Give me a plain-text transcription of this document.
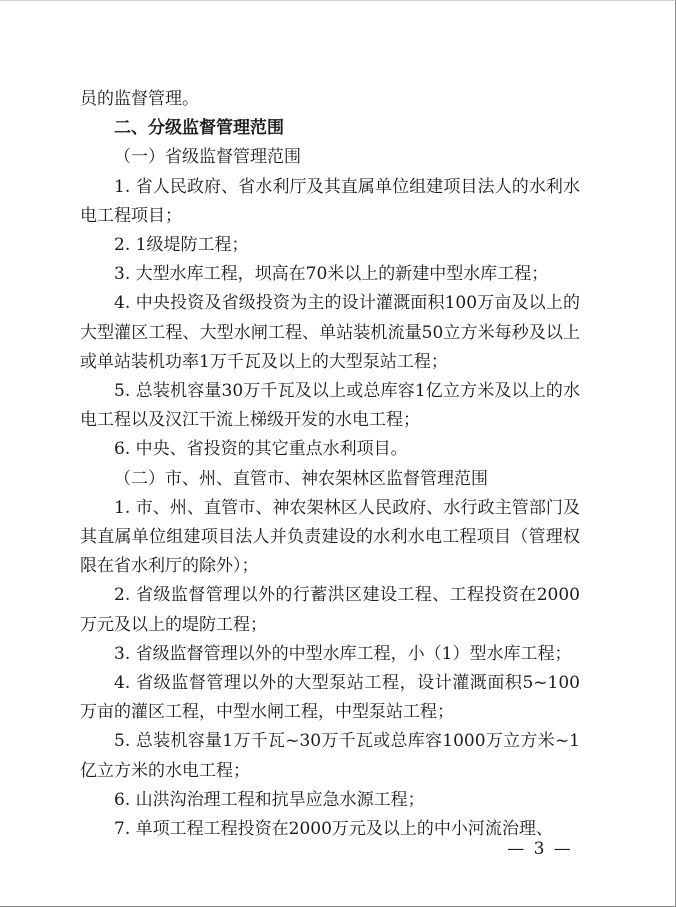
员的监督管理。

二、分级监督管理范围

（一）省级监督管理范围

1. 省人民政府、省水利厅及其直属单位组建项目法人的水利水电工程项目；

2. 1级堤防工程；

3. 大型水库工程，坝高在70米以上的新建中型水库工程；

4. 中央投资及省级投资为主的设计灌溉面积100万亩及以上的大型灌区工程、大型水闸工程、单站装机流量50立方米每秒及以上或单站装机功率1万千瓦及以上的大型泵站工程；

5. 总装机容量30万千瓦及以上或总库容1亿立方米及以上的水电工程以及汉江干流上梯级开发的水电工程；

6. 中央、省投资的其它重点水利项目。

（二）市、州、直管市、神农架林区监督管理范围

1. 市、州、直管市、神农架林区人民政府、水行政主管部门及其直属单位组建项目法人并负责建设的水利水电工程项目（管理权限在省水利厅的除外）；

2. 省级监督管理以外的行蓄洪区建设工程、工程投资在2000万元及以上的堤防工程；

3. 省级监督管理以外的中型水库工程，小（1）型水库工程；

4. 省级监督管理以外的大型泵站工程，设计灌溉面积5~100万亩的灌区工程，中型水闸工程，中型泵站工程；

5. 总装机容量1万千瓦~30万千瓦或总库容1000万立方米~1亿立方米的水电工程；

6. 山洪沟治理工程和抗旱应急水源工程；

7. 单项工程工程投资在2000万元及以上的中小河流治理、

— 3 —
